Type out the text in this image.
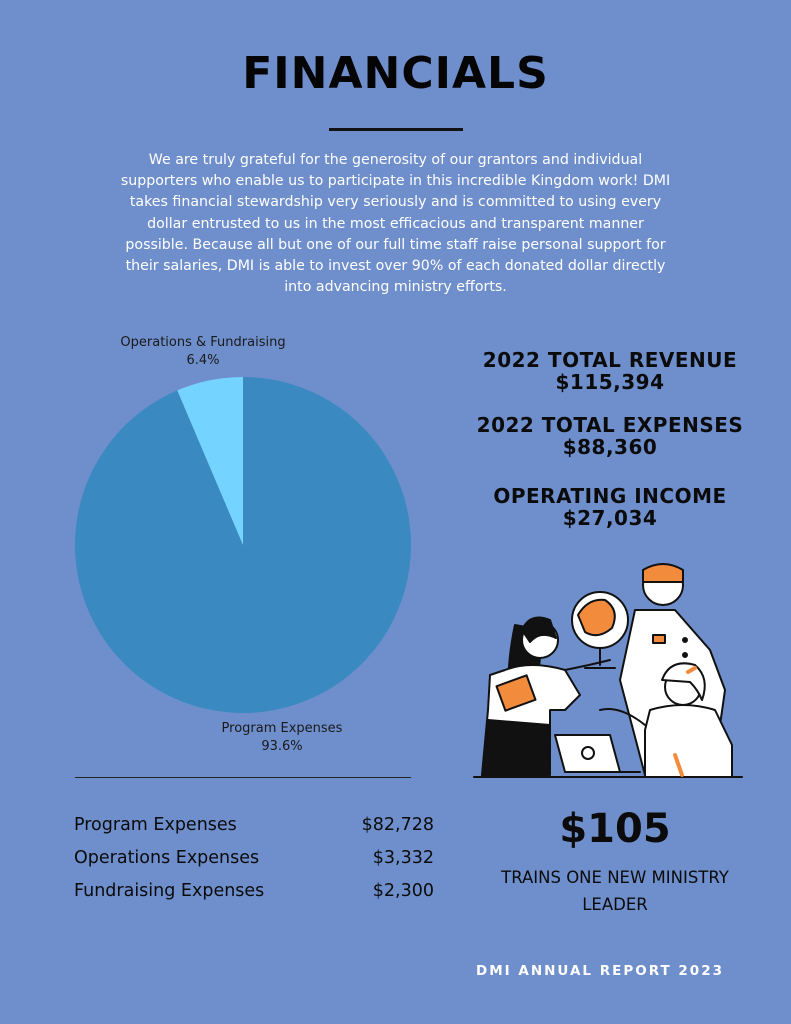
FINANCIALS
We are truly grateful for the generosity of our grantors and individual supporters who enable us to participate in this incredible Kingdom work! DMI takes financial stewardship very seriously and is committed to using every dollar entrusted to us in the most efficacious and transparent manner possible. Because all but one of our full time staff raise personal support for their salaries, DMI is able to invest over 90% of each donated dollar directly into advancing ministry efforts.
Operations & Fundraising
6.4%
Program Expenses
93.6%
Program Expenses	$82,728
Operations Expenses	$3,332
Fundraising Expenses	$2,300
2022 TOTAL REVENUE
$115,394
2022 TOTAL EXPENSES
$88,360
OPERATING INCOME
$27,034
$105
TRAINS ONE NEW MINISTRY LEADER
DMI ANNUAL REPORT 2023
